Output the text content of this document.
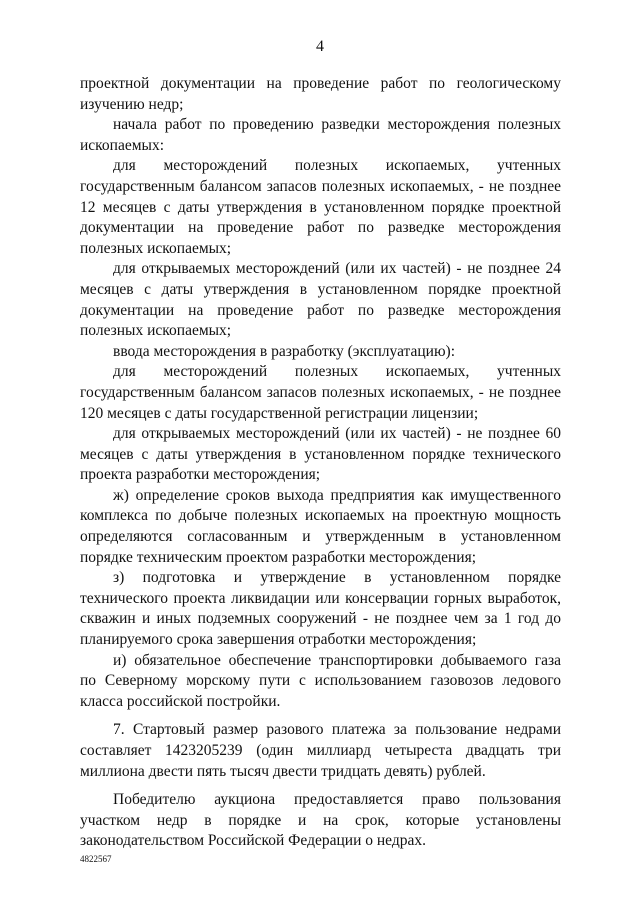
4

проектной документации на проведение работ по геологическому изучению недр;

начала работ по проведению разведки месторождения полезных ископаемых:

для месторождений полезных ископаемых, учтенных государственным балансом запасов полезных ископаемых, - не позднее 12 месяцев с даты утверждения в установленном порядке проектной документации на проведение работ по разведке месторождения полезных ископаемых;

для открываемых месторождений (или их частей) - не позднее 24 месяцев с даты утверждения в установленном порядке проектной документации на проведение работ по разведке месторождения полезных ископаемых;

ввода месторождения в разработку (эксплуатацию):

для месторождений полезных ископаемых, учтенных государственным балансом запасов полезных ископаемых, - не позднее 120 месяцев с даты государственной регистрации лицензии;

для открываемых месторождений (или их частей) - не позднее 60 месяцев с даты утверждения в установленном порядке технического проекта разработки месторождения;

ж) определение сроков выхода предприятия как имущественного комплекса по добыче полезных ископаемых на проектную мощность определяются согласованным и утвержденным в установленном порядке техническим проектом разработки месторождения;

з) подготовка и утверждение в установленном порядке технического проекта ликвидации или консервации горных выработок, скважин и иных подземных сооружений - не позднее чем за 1 год до планируемого срока завершения отработки месторождения;

и) обязательное обеспечение транспортировки добываемого газа по Северному морскому пути с использованием газовозов ледового класса российской постройки.

7. Стартовый размер разового платежа за пользование недрами составляет 1423205239 (один миллиард четыреста двадцать три миллиона двести пять тысяч двести тридцать девять) рублей.

Победителю аукциона предоставляется право пользования участком недр в порядке и на срок, которые установлены законодательством Российской Федерации о недрах.

4822567
